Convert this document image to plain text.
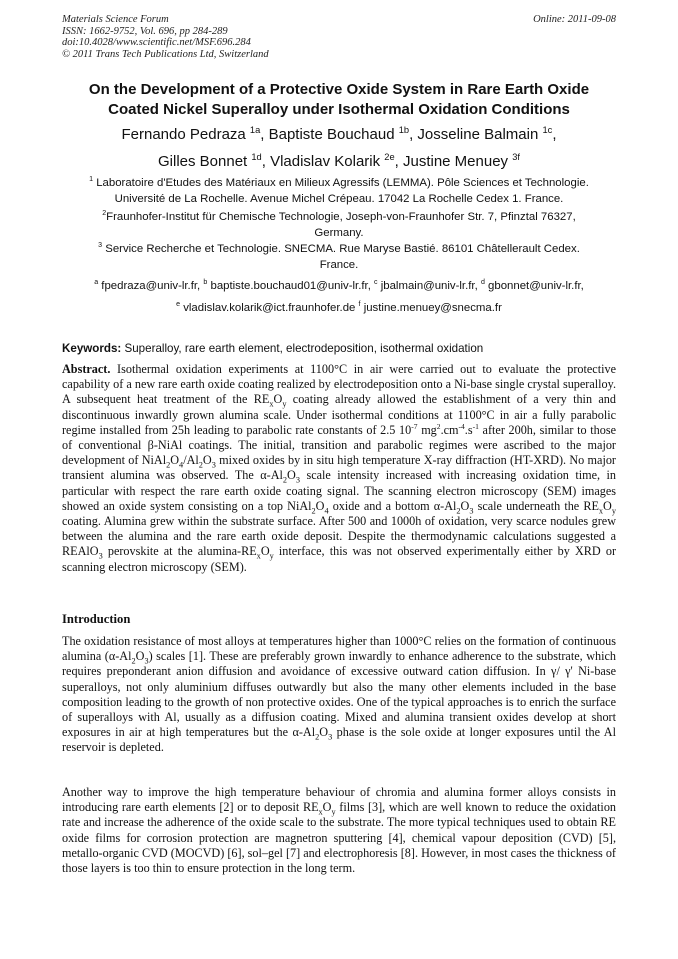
Materials Science Forum
ISSN: 1662-9752, Vol. 696, pp 284-289
doi:10.4028/www.scientific.net/MSF.696.284
© 2011 Trans Tech Publications Ltd, Switzerland
Online: 2011-09-08
On the Development of a Protective Oxide System in Rare Earth Oxide
Coated Nickel Superalloy under Isothermal Oxidation Conditions
Fernando Pedraza $^{1a}$, Baptiste Bouchaud $^{1b}$, Josseline Balmain $^{1c}$,
Gilles Bonnet $^{1d}$, Vladislav Kolarik $^{2e}$, Justine Menuey $^{3f}$
$^1$ Laboratoire d'Etudes des Matériaux en Milieux Agressifs (LEMMA). Pôle Sciences et Technologie.
Université de La Rochelle. Avenue Michel Crépeau. 17042 La Rochelle Cedex 1. France.
$^2$Fraunhofer-Institut für Chemische Technologie, Joseph-von-Fraunhofer Str. 7, Pfinztal 76327,
Germany.
$^3$ Service Recherche et Technologie. SNECMA. Rue Maryse Bastié. 86101 Châtellerault Cedex.
France.
$^a$ fpedraza@univ-lr.fr, $^b$ baptiste.bouchaud01@univ-lr.fr, $^c$ jbalmain@univ-lr.fr, $^d$ gbonnet@univ-lr.fr,
$^e$ vladislav.kolarik@ict.fraunhofer.de $^f$ justine.menuey@snecma.fr
Keywords: Superalloy, rare earth element, electrodeposition, isothermal oxidation
Abstract. Isothermal oxidation experiments at 1100°C in air were carried out to evaluate the protective capability of a new rare earth oxide coating realized by electrodeposition onto a Ni-base single crystal superalloy. A subsequent heat treatment of the $RE_xO_y$ coating already allowed the establishment of a very thin and discontinuous inwardly grown alumina scale. Under isothermal conditions at 1100°C in air a fully parabolic regime installed from 25h leading to parabolic rate constants of 2.5 $10^{-7}$ $mg^2.cm^{-4}.s^{-1}$ after 200h, similar to those of conventional β-NiAl coatings. The initial, transition and parabolic regimes were ascribed to the major development of $NiAl_2O_4/Al_2O_3$ mixed oxides by in situ high temperature X-ray diffraction (HT-XRD). No major transient alumina was observed. The $\alpha-Al_2O_3$ scale intensity increased with increasing oxidation time, in particular with respect the rare earth oxide coating signal. The scanning electron microscopy (SEM) images showed an oxide system consisting on a top $NiAl_2O_4$ oxide and a bottom $\alpha-Al_2O_3$ scale underneath the $RE_xO_y$ coating. Alumina grew within the substrate surface. After 500 and 1000h of oxidation, very scarce nodules grew between the alumina and the rare earth oxide deposit. Despite the thermodynamic calculations suggested a REAlO$_3$ perovskite at the alumina-$RE_xO_y$ interface, this was not observed experimentally either by XRD or scanning electron microscopy (SEM).
Introduction
The oxidation resistance of most alloys at temperatures higher than 1000°C relies on the formation of continuous alumina $(\alpha-Al_2O_3)$ scales [1]. These are preferably grown inwardly to enhance adherence to the substrate, which requires preponderant anion diffusion and avoidance of excessive outward cation diffusion. In γ/ γ' Ni-base superalloys, not only aluminium diffuses outwardly but also the many other elements included in the base composition leading to the growth of non protective oxides. One of the typical approaches is to enrich the surface of superalloys with Al, usually as a diffusion coating. Mixed and alumina transient oxides develop at short exposures in air at high temperatures but the $\alpha-Al_2O_3$ phase is the sole oxide at longer exposures until the Al reservoir is depleted.
Another way to improve the high temperature behaviour of chromia and alumina former alloys consists in introducing rare earth elements [2] or to deposit $RE_xO_y$ films [3], which are well known to reduce the oxidation rate and increase the adherence of the oxide scale to the substrate. The more typical techniques used to obtain RE oxide films for corrosion protection are magnetron sputtering [4], chemical vapour deposition (CVD) [5], metallo-organic CVD (MOCVD) [6], sol–gel [7] and electrophoresis [8]. However, in most cases the thickness of those layers is too thin to ensure protection in the long term.
